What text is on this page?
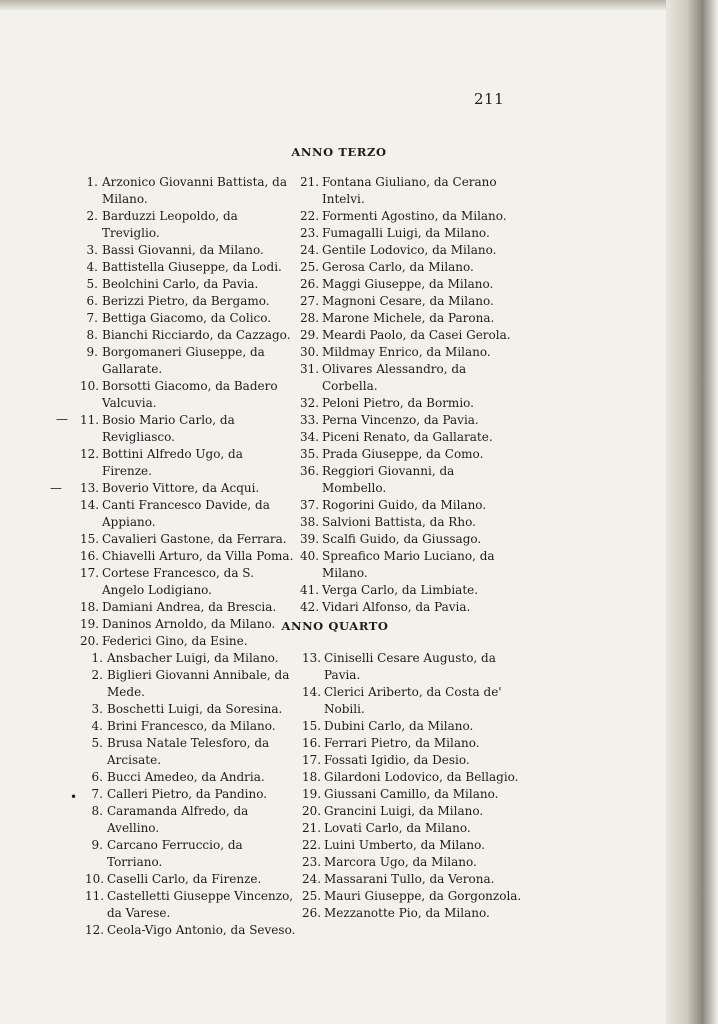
211
ANNO TERZO
1. Arzonico Giovanni Battista, da Milano.
2. Barduzzi Leopoldo, da Treviglio.
3. Bassi Giovanni, da Milano.
4. Battistella Giuseppe, da Lodi.
5. Beolchini Carlo, da Pavia.
6. Berizzi Pietro, da Bergamo.
7. Bettiga Giacomo, da Colico.
8. Bianchi Ricciardo, da Cazzago.
9. Borgomaneri Giuseppe, da Gallarate.
10. Borsotti Giacomo, da Badero Valcuvia.
11. Bosio Mario Carlo, da Revigliasco.
12. Bottini Alfredo Ugo, da Firenze.
13. Boverio Vittore, da Acqui.
14. Canti Francesco Davide, da Appiano.
15. Cavalieri Gastone, da Ferrara.
16. Chiavelli Arturo, da Villa Poma.
17. Cortese Francesco, da S. Angelo Lodigiano.
18. Damiani Andrea, da Brescia.
19. Daninos Arnoldo, da Milano.
20. Federici Gino, da Esine.
21. Fontana Giuliano, da Cerano Intelvi.
22. Formenti Agostino, da Milano.
23. Fumagalli Luigi, da Milano.
24. Gentile Lodovico, da Milano.
25. Gerosa Carlo, da Milano.
26. Maggi Giuseppe, da Milano.
27. Magnoni Cesare, da Milano.
28. Marone Michele, da Parona.
29. Meardi Paolo, da Casei Gerola.
30. Mildmay Enrico, da Milano.
31. Olivares Alessandro, da Corbella.
32. Peloni Pietro, da Bormio.
33. Perna Vincenzo, da Pavia.
34. Piceni Renato, da Gallarate.
35. Prada Giuseppe, da Como.
36. Reggiori Giovanni, da Mombello.
37. Rogorini Guido, da Milano.
38. Salvioni Battista, da Rho.
39. Scalfi Guido, da Giussago.
40. Spreafico Mario Luciano, da Milano.
41. Verga Carlo, da Limbiate.
42. Vidari Alfonso, da Pavia.
—
—
•
ANNO QUARTO
1. Ansbacher Luigi, da Milano.
2. Biglieri Giovanni Annibale, da Mede.
3. Boschetti Luigi, da Soresina.
4. Brini Francesco, da Milano.
5. Brusa Natale Telesforo, da Arcisate.
6. Bucci Amedeo, da Andria.
7. Calleri Pietro, da Pandino.
8. Caramanda Alfredo, da Avellino.
9. Carcano Ferruccio, da Torriano.
10. Caselli Carlo, da Firenze.
11. Castelletti Giuseppe Vincenzo, da Varese.
12. Ceola-Vigo Antonio, da Seveso.
13. Ciniselli Cesare Augusto, da Pavia.
14. Clerici Ariberto, da Costa de' Nobili.
15. Dubini Carlo, da Milano.
16. Ferrari Pietro, da Milano.
17. Fossati Igidio, da Desio.
18. Gilardoni Lodovico, da Bellagio.
19. Giussani Camillo, da Milano.
20. Grancini Luigi, da Milano.
21. Lovati Carlo, da Milano.
22. Luini Umberto, da Milano.
23. Marcora Ugo, da Milano.
24. Massarani Tullo, da Verona.
25. Mauri Giuseppe, da Gorgonzola.
26. Mezzanotte Pio, da Milano.
